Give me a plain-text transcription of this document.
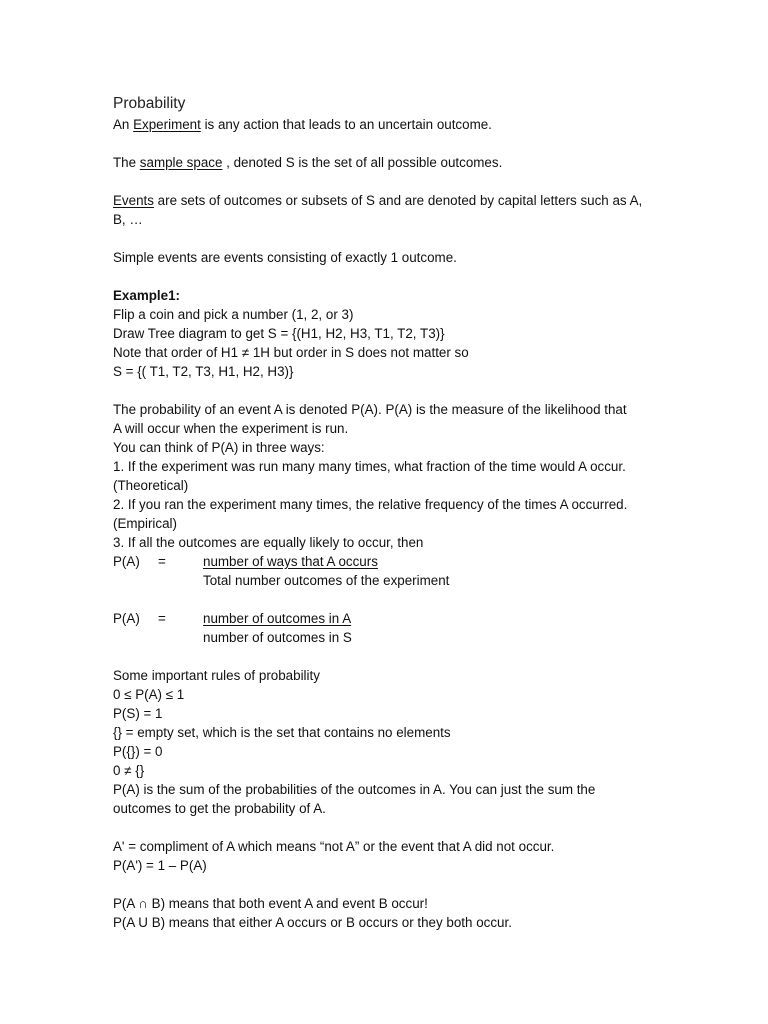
Probability
An Experiment is any action that leads to an uncertain outcome.
The sample space , denoted S is the set of all possible outcomes.
Events are sets of outcomes or subsets of S and are denoted by capital letters such as A,
B, …
Simple events are events consisting of exactly 1 outcome.
Example1:
Flip a coin and pick a number (1, 2, or 3)
Draw Tree diagram to get S = {(H1, H2, H3, T1, T2, T3)}
Note that order of H1 ≠ 1H but order in S does not matter so
S = {( T1, T2, T3, H1, H2, H3)}
The probability of an event A is denoted P(A). P(A) is the measure of the likelihood that
A will occur when the experiment is run.
You can think of P(A) in three ways:
1. If the experiment was run many many times, what fraction of the time would A occur.
(Theoretical)
2. If you ran the experiment many times, the relative frequency of the times A occurred.
(Empirical)
3. If all the outcomes are equally likely to occur, then
P(A) =	number of ways that A occurs
Total number outcomes of the experiment
P(A) =	number of outcomes in A
number of outcomes in S
Some important rules of probability
0 ≤ P(A) ≤ 1
P(S) = 1
{} = empty set, which is the set that contains no elements
P({}) = 0
0 ≠ {}
P(A) is the sum of the probabilities of the outcomes in A. You can just the sum the
outcomes to get the probability of A.
A' = compliment of A which means “not A” or the event that A did not occur.
P(A') = 1 – P(A)
P(A ∩ B) means that both event A and event B occur!
P(A U B) means that either A occurs or B occurs or they both occur.
